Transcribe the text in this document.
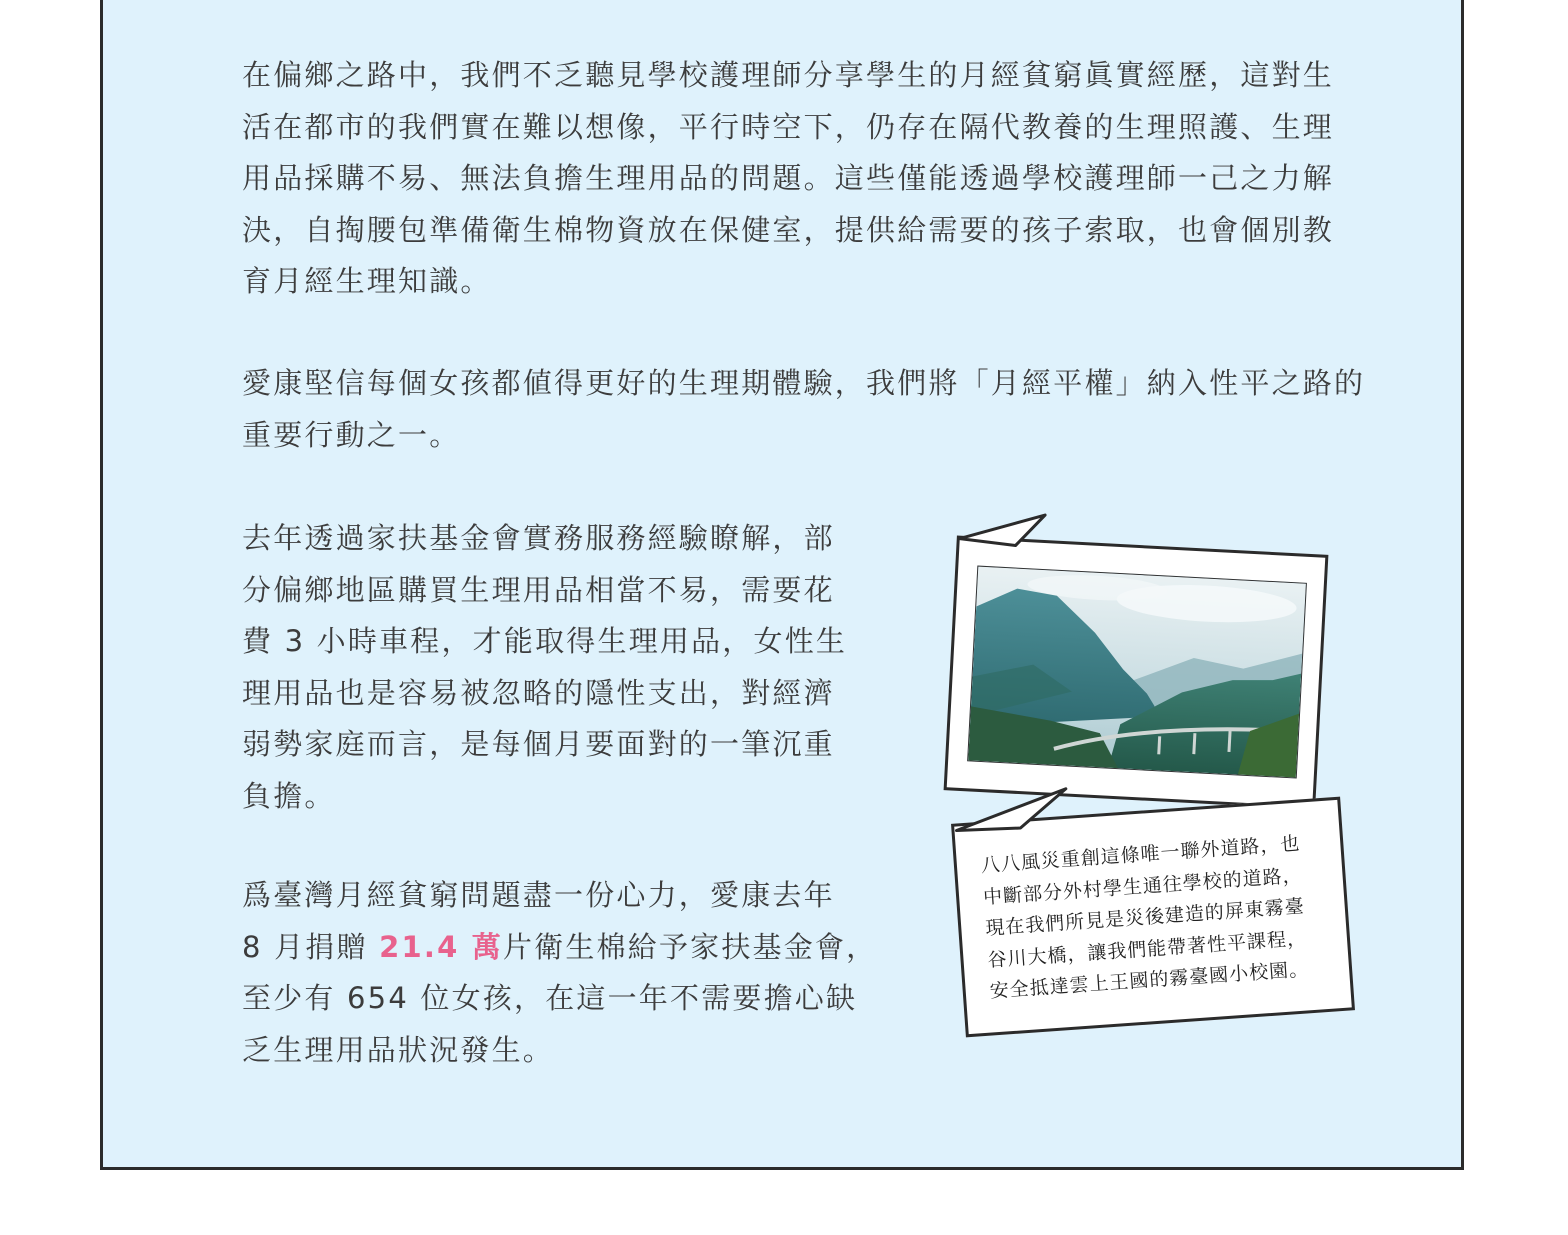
在偏鄉之路中，我們不乏聽見學校護理師分享學生的月經貧窮眞實經歷，這對生
活在都市的我們實在難以想像，平行時空下，仍存在隔代教養的生理照護、生理
用品採購不易、無法負擔生理用品的問題。這些僅能透過學校護理師一己之力解
決，自掏腰包準備衛生棉物資放在保健室，提供給需要的孩子索取，也會個別教
育月經生理知識。

愛康堅信每個女孩都値得更好的生理期體驗，我們將「月經平權」納入性平之路的
重要行動之一。

去年透過家扶基金會實務服務經驗瞭解，部
分偏鄉地區購買生理用品相當不易，需要花
費 3 小時車程，才能取得生理用品，女性生
理用品也是容易被忽略的隱性支出，對經濟
弱勢家庭而言，是每個月要面對的一筆沉重
負擔。

爲臺灣月經貧窮問題盡一份心力，愛康去年
8 月捐贈 21.4 萬片衛生棉給予家扶基金會，
至少有 654 位女孩，在這一年不需要擔心缺
乏生理用品狀況發生。

八八風災重創這條唯一聯外道路，也
中斷部分外村學生通往學校的道路，
現在我們所見是災後建造的屏東霧臺
谷川大橋，讓我們能帶著性平課程，
安全抵達雲上王國的霧臺國小校園。
